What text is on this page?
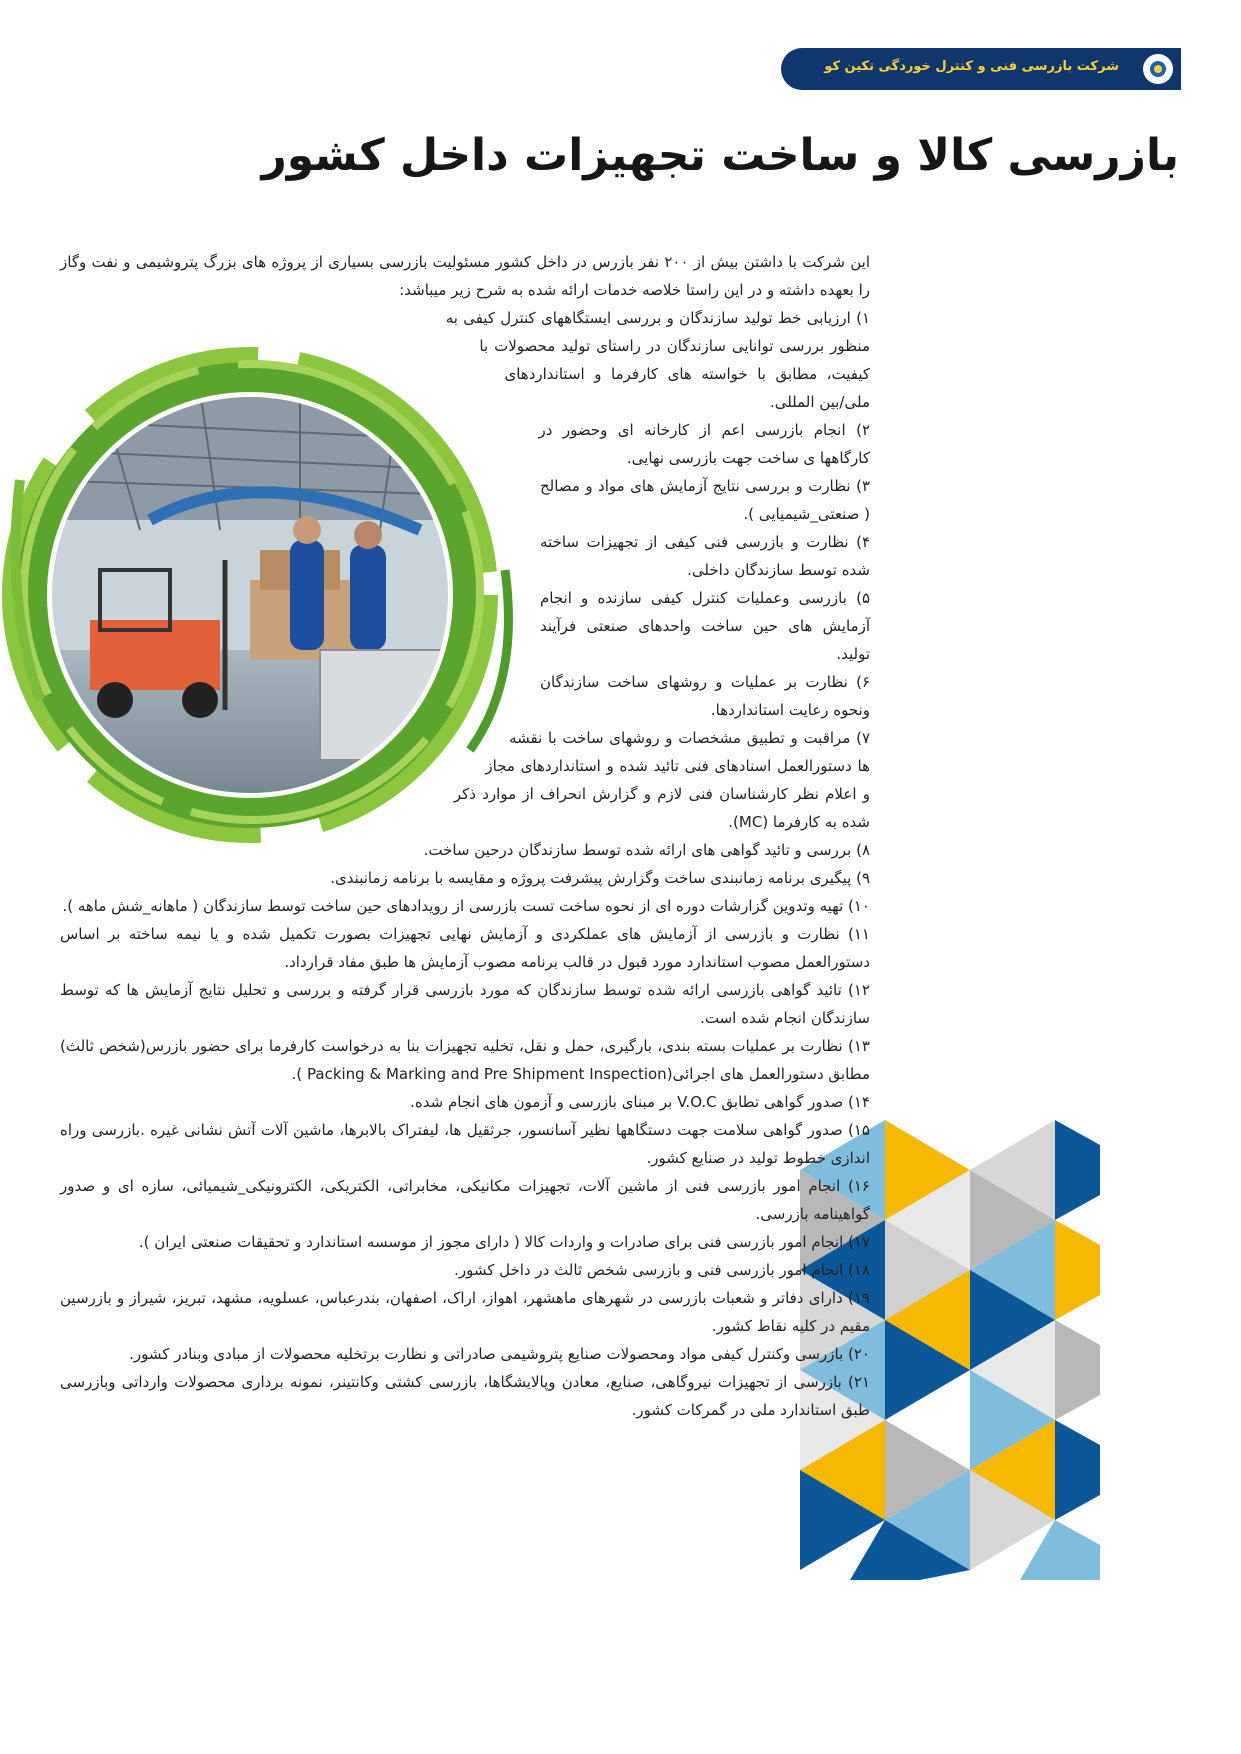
شرکت بازرسی فنی و کنترل خوردگی تکین کو
بازرسی کالا و ساخت تجهیزات داخل کشور

این شرکت با داشتن بیش از ۲۰۰ نفر بازرس در داخل کشور مسئولیت بازرسی بسیاری از پروژه های بزرگ پتروشیمی و نفت وگاز را بعهده داشته و در این راستا خلاصه خدمات ارائه شده به شرح زیر میباشد:

۱) ارزیابی خط تولید سازندگان و بررسی ایستگاههای کنترل کیفی به منظور بررسی توانایی سازندگان در راستای تولید محصولات با کیفیت، مطابق با خواسته های کارفرما و استانداردهای ملی/بین المللی.

۲) انجام بازرسی اعم از کارخانه ای وحضور در کارگاهها ی ساخت جهت بازرسی نهایی.

۳) نظارت و بررسی نتایج آزمایش های مواد و مصالح ( صنعتی_شیمیایی ).

۴) نظارت و بازرسی فنی کیفی از تجهیزات ساخته شده توسط سازندگان داخلی.

۵) بازرسی وعملیات کنترل کیفی سازنده و انجام آزمایش های حین ساخت واحدهای صنعتی فرآیند تولید.

۶) نظارت بر عملیات و روشهای ساخت سازندگان ونحوه رعایت استانداردها.

۷) مراقبت و تطبیق مشخصات و روشهای ساخت با نقشه ها دستورالعمل اسنادهای فنی تائید شده و استانداردهای مجاز و اعلام نظر کارشناسان فنی لازم و گزارش انحراف از موارد ذکر شده به کارفرما (MC).

۸) بررسی و تائید گواهی های ارائه شده توسط سازندگان درحین ساخت.

۹) پیگیری برنامه زمانبندی ساخت وگزارش پیشرفت پروژه و مقایسه با برنامه زمانبندی.

۱۰) تهیه وتدوین گزارشات دوره ای از نحوه ساخت تست بازرسی از رویدادهای حین ساخت توسط سازندگان ( ماهانه_شش ماهه ).

۱۱) نظارت و بازرسی از آزمایش های عملکردی و آزمایش نهایی تجهیزات بصورت تکمیل شده و یا نیمه ساخته بر اساس دستورالعمل مصوب استاندارد مورد قبول در قالب برنامه مصوب آزمایش ها طبق مفاد قرارداد.

۱۲) تائید گواهی بازرسی ارائه شده توسط سازندگان که مورد بازرسی قرار گرفته و بررسی و تحلیل نتایج آزمایش ها که توسط سازندگان انجام شده است.

۱۳) نظارت بر عملیات بسته بندی، بارگیری، حمل و نقل، تخلیه تجهیزات بنا به درخواست کارفرما برای حضور بازرس(شخص ثالث) مطابق دستورالعمل های اجرائی(Packing & Marking and Pre Shipment Inspection ).

۱۴) صدور گواهی تطابق V.O.C بر مبنای بازرسی و آزمون های انجام شده.

۱۵) صدور گواهی سلامت جهت دستگاهها نظیر آسانسور، جرثقیل ها، لیفتراک بالابرها، ماشین آلات آتش نشانی غیره .بازرسی وراه اندازی خطوط تولید در صنایع کشور.

۱۶) انجام امور بازرسی فنی از ماشین آلات، تجهیزات مکانیکی، مخابراتی، الکتریکی، الکترونیکی_شیمیائی، سازه ای و صدور گواهینامه بازرسی.

۱۷) انجام امور بازرسی فنی برای صادرات و واردات کالا ( دارای مجوز از موسسه استاندارد و تحقیقات صنعتی ایران ).

۱۸) انجام امور بازرسی فنی و بازرسی شخص ثالث در داخل کشور.

۱۹) دارای دفاتر و شعبات بازرسی در شهرهای ماهشهر، اهواز، اراک، اصفهان، بندرعباس، عسلویه، مشهد، تبریز، شیراز و بازرسین مقیم در کلیه نقاط کشور.

۲۰) بازرسی وکنترل کیفی مواد ومحصولات صنایع پتروشیمی صادراتی و نظارت برتخلیه محصولات از مبادی وبنادر کشور.

۲۱) بازرسی از تجهیزات نیروگاهی، صنایع، معادن وپالایشگاها، بازرسی کشتی وکانتینر، نمونه برداری محصولات وارداتی وبازرسی طبق استاندارد ملی در گمرکات کشور.
